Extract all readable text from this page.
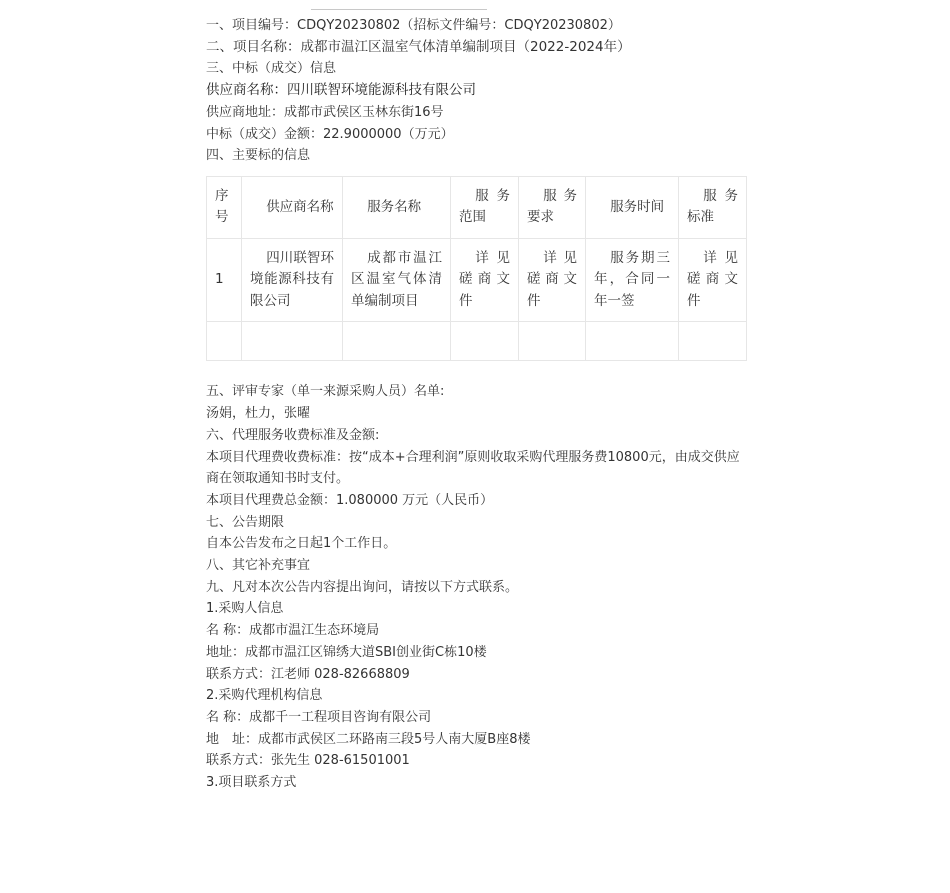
一、项目编号：CDQY20230802（招标文件编号：CDQY20230802）
二、项目名称：成都市温江区温室气体清单编制项目（2022-2024年）
三、中标（成交）信息
供应商名称：四川联智环境能源科技有限公司
供应商地址：成都市武侯区玉林东街16号
中标（成交）金额：22.9000000（万元）
四、主要标的信息
序号	供应商名称	服务名称	服务范围	服务要求	服务时间	服务标准
1	四川联智环境能源科技有限公司	成都市温江区温室气体清单编制项目	详见磋商文件	详见磋商文件	服务期三年，合同一年一签	详见磋商文件

五、评审专家（单一来源采购人员）名单:
汤娟，杜力，张曜
六、代理服务收费标准及金额:
本项目代理费收费标准：按“成本+合理利润”原则收取采购代理服务费10800元，由成交供应商在领取通知书时支付。
本项目代理费总金额：1.080000 万元（人民币）
七、公告期限
自本公告发布之日起1个工作日。
八、其它补充事宜
九、凡对本次公告内容提出询问，请按以下方式联系。
1.采购人信息
名 称：成都市温江生态环境局
地址：成都市温江区锦绣大道SBI创业街C栋10楼
联系方式：江老师 028-82668809
2.采购代理机构信息
名 称：成都千一工程项目咨询有限公司
地　址：成都市武侯区二环路南三段5号人南大厦B座8楼
联系方式：张先生 028-61501001
3.项目联系方式
